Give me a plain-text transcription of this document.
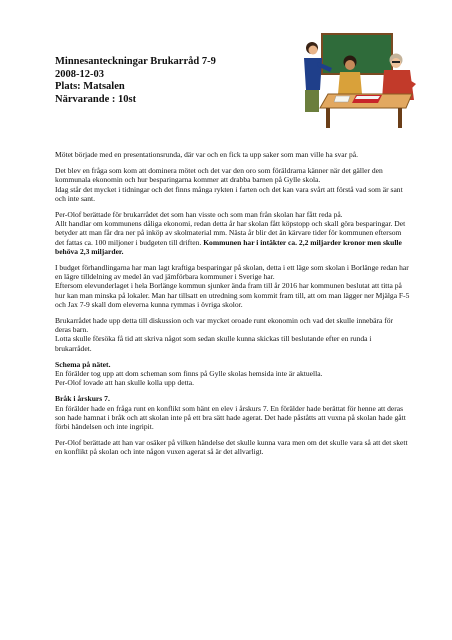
Minnesanteckningar Brukarråd 7-9
2008-12-03
Plats: Matsalen
Närvarande : 10st

Mötet började med en presentationsrunda, där var och en fick ta upp saker som man ville ha svar på.

Det blev en fråga som kom att dominera mötet och det var den oro som föräldrarna känner när det gäller den kommunala ekonomin och hur besparingarna kommer att drabba barnen på Gylle skola.

Idag står det mycket i tidningar och det finns många rykten i farten och det kan vara svårt att förstå vad som är sant och inte sant.

Per-Olof berättade för brukarrådet det som han visste och som man från skolan har fått reda på.

Allt handlar om kommunens dåliga ekonomi, redan detta år har skolan fått köpstopp och skall göra besparingar. Det betyder att man får dra ner på inköp av skolmaterial mm. Nästa år blir det än kärvare tider för kommunen eftersom det fattas ca. 100 miljoner i budgeten till driften. Kommunen har i intäkter ca. 2,2 miljarder kronor men skulle behöva 2,3 miljarder.

I budget förhandlingarna har man lagt kraftiga besparingar på skolan, detta i ett läge som skolan i Borlänge redan har en lägre tilldelning av medel än vad jämförbara kommuner i Sverige har.

Eftersom elevunderlaget i hela Borlänge kommun sjunker ända fram till år 2016 har kommunen beslutat att titta på hur kan man minska på lokaler. Man har tillsatt en utredning som kommit fram till, att om man lägger ner Mjälga F-5 och Jax 7-9 skall dom eleverna kunna rymmas i övriga skolor.

Brukarrådet hade upp detta till diskussion och var mycket oroade runt ekonomin och vad det skulle innebära för deras barn.

Lotta skulle försöka få tid att skriva något som sedan skulle kunna skickas till beslutande efter en runda i brukarrådet.

Schema på nätet.

En förälder tog upp att dom scheman som finns på Gylle skolas hemsida inte är aktuella.

Per-Olof lovade att han skulle kolla upp detta.

Bråk i årskurs 7.

En förälder hade en fråga runt en konflikt som hänt en elev i årskurs 7. En förälder hade berättat för henne att deras son hade hamnat i bråk och att skolan inte på ett bra sätt hade agerat. Det hade påståtts att vuxna på skolan hade gått förbi händelsen och inte ingripit.

Per-Olof berättade att han var osäker på vilken händelse det skulle kunna vara men om det skulle vara så att det skett en konflikt på skolan och inte någon vuxen agerat så är det allvarligt.
